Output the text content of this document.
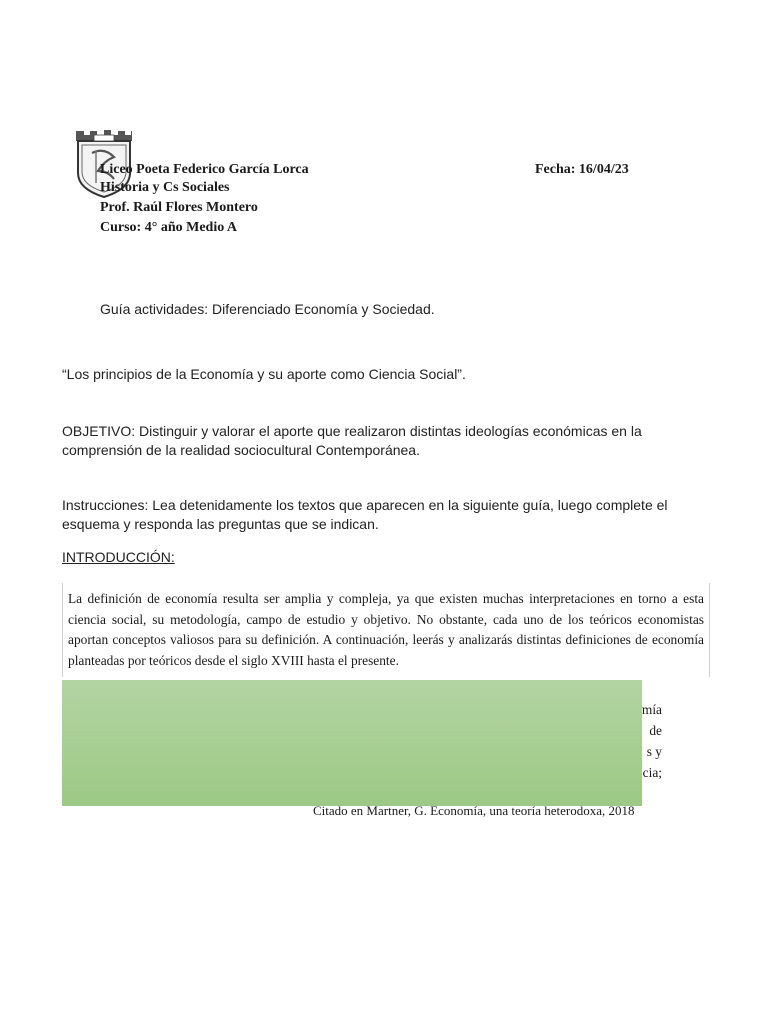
Liceo Poeta Federico García Lorca	Fecha: 16/04/23
Historia y Cs Sociales
Prof. Raúl Flores Montero
Curso: 4° año Medio A
Guía actividades: Diferenciado Economía y Sociedad.
“Los principios de la Economía y su aporte como Ciencia Social”.
OBJETIVO: Distinguir y valorar el aporte que realizaron distintas ideologías económicas en la comprensión de la realidad sociocultural Contemporánea.
Instrucciones: Lea detenidamente los textos que aparecen en la siguiente guía, luego complete el esquema y responda las preguntas que se indican.
INTRODUCCIÓN:
La definición de economía resulta ser amplia y compleja, ya que existen muchas interpretaciones en torno a esta ciencia social, su metodología, campo de estudio y objetivo. No obstante, cada uno de los teóricos economistas aportan conceptos valiosos para su definición. A continuación, leerás y analizarás distintas definiciones de economía planteadas por teóricos desde el siglo XVIII hasta el presente.
mía
de
s y
cia;
Citado en Martner, G. Economía, una teoría heterodoxa, 2018
